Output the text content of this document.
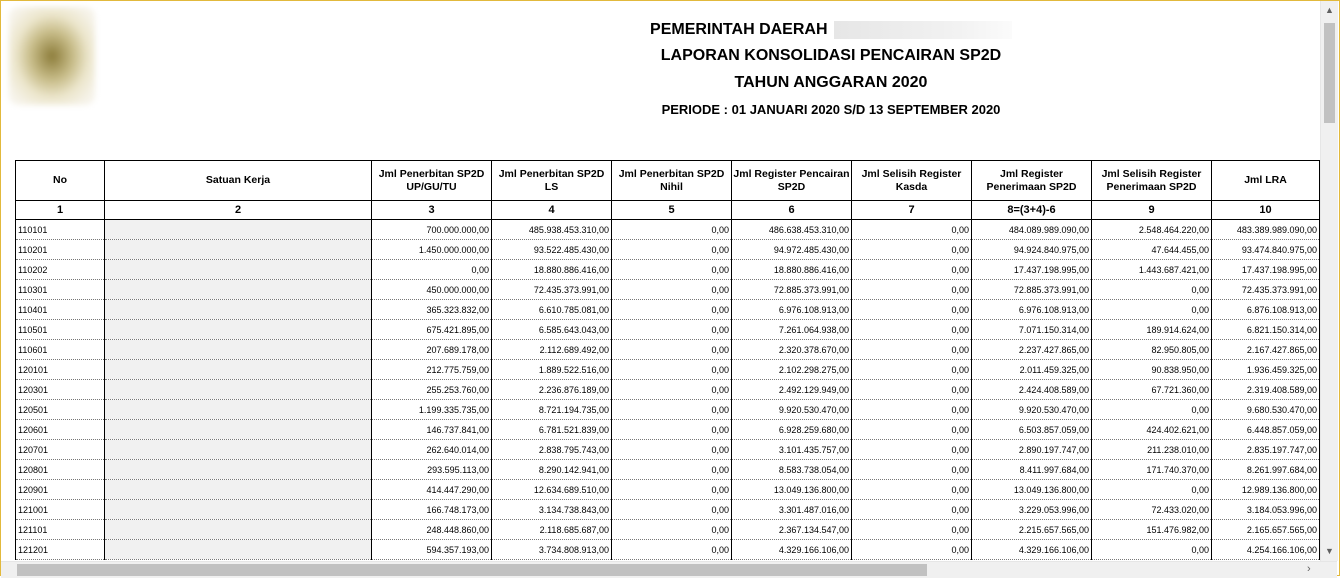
PEMERINTAH DAERAH
LAPORAN KONSOLIDASI PENCAIRAN SP2D
TAHUN ANGGARAN 2020
PERIODE : 01 JANUARI 2020 S/D 13 SEPTEMBER 2020
No	Satuan Kerja	Jml Penerbitan SP2D UP/GU/TU	Jml Penerbitan SP2D LS	Jml Penerbitan SP2D Nihil	Jml Register Pencairan SP2D	Jml Selisih Register Kasda	Jml Register Penerimaan SP2D	Jml Selisih Register Penerimaan SP2D	Jml LRA
1	2	3	4	5	6	7	8=(3+4)-6	9	10
110101		700.000.000,00	485.938.453.310,00	0,00	486.638.453.310,00	0,00	484.089.989.090,00	2.548.464.220,00	483.389.989.090,00
110201		1.450.000.000,00	93.522.485.430,00	0,00	94.972.485.430,00	0,00	94.924.840.975,00	47.644.455,00	93.474.840.975,00
110202		0,00	18.880.886.416,00	0,00	18.880.886.416,00	0,00	17.437.198.995,00	1.443.687.421,00	17.437.198.995,00
110301		450.000.000,00	72.435.373.991,00	0,00	72.885.373.991,00	0,00	72.885.373.991,00	0,00	72.435.373.991,00
110401		365.323.832,00	6.610.785.081,00	0,00	6.976.108.913,00	0,00	6.976.108.913,00	0,00	6.876.108.913,00
110501		675.421.895,00	6.585.643.043,00	0,00	7.261.064.938,00	0,00	7.071.150.314,00	189.914.624,00	6.821.150.314,00
110601		207.689.178,00	2.112.689.492,00	0,00	2.320.378.670,00	0,00	2.237.427.865,00	82.950.805,00	2.167.427.865,00
120101		212.775.759,00	1.889.522.516,00	0,00	2.102.298.275,00	0,00	2.011.459.325,00	90.838.950,00	1.936.459.325,00
120301		255.253.760,00	2.236.876.189,00	0,00	2.492.129.949,00	0,00	2.424.408.589,00	67.721.360,00	2.319.408.589,00
120501		1.199.335.735,00	8.721.194.735,00	0,00	9.920.530.470,00	0,00	9.920.530.470,00	0,00	9.680.530.470,00
120601		146.737.841,00	6.781.521.839,00	0,00	6.928.259.680,00	0,00	6.503.857.059,00	424.402.621,00	6.448.857.059,00
120701		262.640.014,00	2.838.795.743,00	0,00	3.101.435.757,00	0,00	2.890.197.747,00	211.238.010,00	2.835.197.747,00
120801		293.595.113,00	8.290.142.941,00	0,00	8.583.738.054,00	0,00	8.411.997.684,00	171.740.370,00	8.261.997.684,00
120901		414.447.290,00	12.634.689.510,00	0,00	13.049.136.800,00	0,00	13.049.136.800,00	0,00	12.989.136.800,00
121001		166.748.173,00	3.134.738.843,00	0,00	3.301.487.016,00	0,00	3.229.053.996,00	72.433.020,00	3.184.053.996,00
121101		248.448.860,00	2.118.685.687,00	0,00	2.367.134.547,00	0,00	2.215.657.565,00	151.476.982,00	2.165.657.565,00
121201		594.357.193,00	3.734.808.913,00	0,00	4.329.166.106,00	0,00	4.329.166.106,00	0,00	4.254.166.106,00
▲
▼
›
